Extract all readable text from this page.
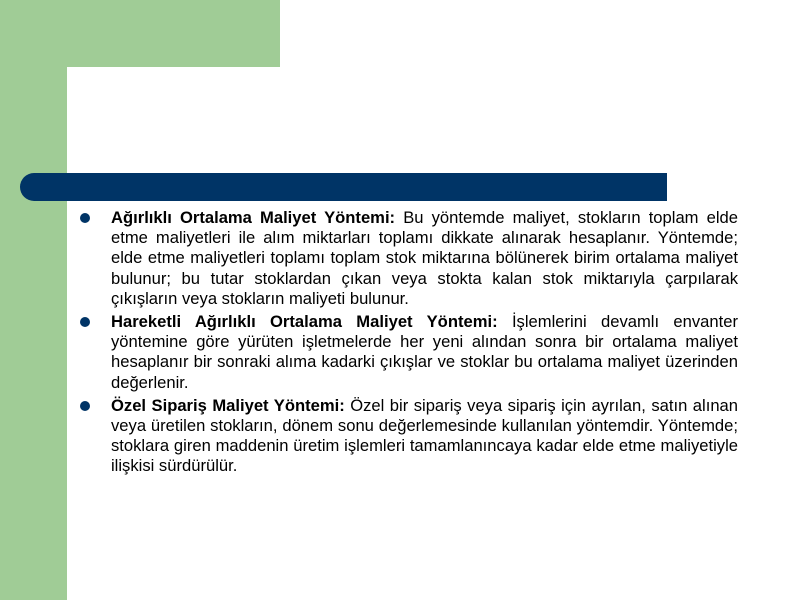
Ağırlıklı Ortalama Maliyet Yöntemi: Bu yöntemde maliyet, stokların toplam elde etme maliyetleri ile alım miktarları toplamı dikkate alınarak hesaplanır. Yöntemde; elde etme maliyetleri toplamı toplam stok miktarına bölünerek birim ortalama maliyet bulunur; bu tutar stoklardan çıkan veya stokta kalan stok miktarıyla çarpılarak çıkışların veya stokların maliyeti bulunur.
Hareketli Ağırlıklı Ortalama Maliyet Yöntemi: İşlemlerini devamlı envanter yöntemine göre yürüten işletmelerde her yeni alından sonra bir ortalama maliyet hesaplanır bir sonraki alıma kadarki çıkışlar ve stoklar bu ortalama maliyet üzerinden değerlenir.
Özel Sipariş Maliyet Yöntemi: Özel bir sipariş veya sipariş için ayrılan, satın alınan veya üretilen stokların, dönem sonu değerlemesinde kullanılan yöntemdir. Yöntemde; stoklara giren maddenin üretim işlemleri tamamlanıncaya kadar elde etme maliyetiyle ilişkisi sürdürülür.
